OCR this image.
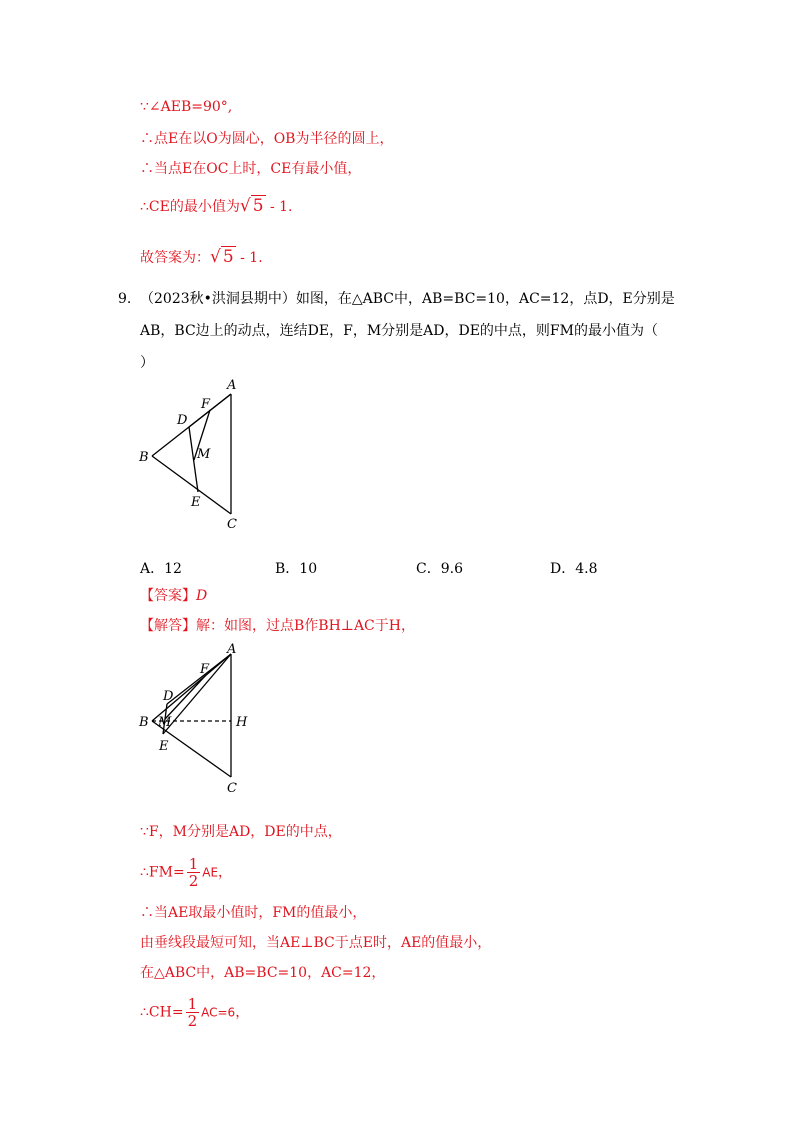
∵∠AEB=90°,
∴点E在以O为圆心，OB为半径的圆上，
∴当点E在OC上时，CE有最小值，
∴CE的最小值为√ 5 - 1.
故答案为：√ 5 - 1.
9. （2023秋•洪洞县期中）如图，在△ABC中，AB=BC=10，AC=12，点D，E分别是
AB，BC边上的动点，连结DE，F，M分别是AD，DE的中点，则FM的最小值为（
）
A
B
C
D
E
F
M
A．12	B．10	C．9.6	D．4.8
【答案】D
【解答】解：如图，过点B作BH⊥AC于H，
A
B
C
D
E
F
M	H
∵F，M分别是AD，DE的中点，
∴FM= $\frac{1}{2}$ AE，
∴当AE取最小值时，FM的值最小，
由垂线段最短可知，当AE⊥BC于点E时，AE的值最小，
在△ABC中，AB=BC=10，AC=12，
∴CH= $\frac{1}{2} AC=6$，
